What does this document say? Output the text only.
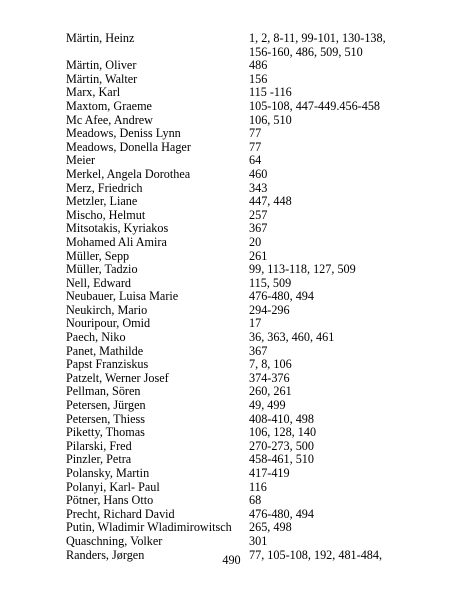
Märtin, Heinz	1, 2, 8-11, 99-101, 130-138, 156-160, 486, 509, 510
Märtin, Oliver	486
Märtin, Walter	156
Marx, Karl	115 -116
Maxtom, Graeme	105-108, 447-449.456-458
Mc Afee, Andrew	106, 510
Meadows, Deniss Lynn	77
Meadows, Donella Hager	77
Meier	64
Merkel, Angela Dorothea	460
Merz, Friedrich	343
Metzler, Liane	447, 448
Mischo, Helmut	257
Mitsotakis, Kyriakos	367
Mohamed Ali Amira	20
Müller, Sepp	261
Müller, Tadzio	99, 113-118, 127, 509
Nell, Edward	115, 509
Neubauer, Luisa Marie	476-480, 494
Neukirch, Mario	294-296
Nouripour, Omid	17
Paech, Niko	36, 363, 460, 461
Panet, Mathilde	367
Papst Franziskus	7, 8, 106
Patzelt, Werner Josef	374-376
Pellman, Sören	260, 261
Petersen, Jürgen	49, 499
Petersen, Thiess	408-410, 498
Piketty, Thomas	106, 128, 140
Pilarski, Fred	270-273, 500
Pinzler, Petra	458-461, 510
Polansky, Martin	417-419
Polanyi, Karl- Paul	116
Pötner, Hans Otto	68
Precht, Richard David	476-480, 494
Putin, Wladimir Wladimirowitsch	265, 498
Quaschning, Volker	301
Randers, Jørgen	77, 105-108, 192, 481-484,
490
